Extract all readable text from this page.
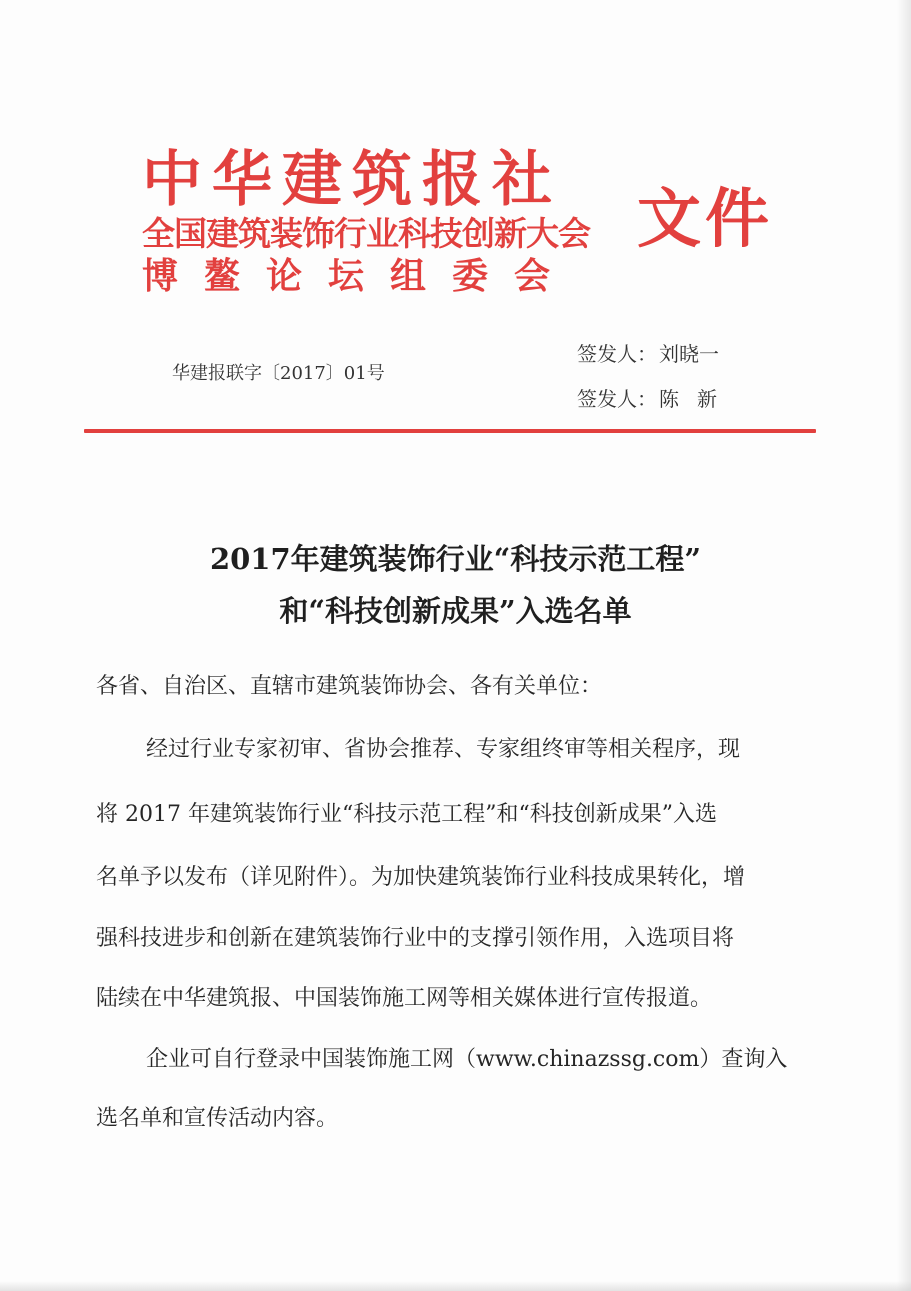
中华建筑报社
全国建筑装饰行业科技创新大会
博鳌论坛组委会
文件
华建报联字〔2017〕01号
签发人： 刘晓一
签发人： 陈新
2017年建筑装饰行业“科技示范工程”
和“科技创新成果”入选名单

各省、自治区、直辖市建筑装饰协会、各有关单位：

经过行业专家初审、省协会推荐、专家组终审等相关程序，现

将 2017 年建筑装饰行业“科技示范工程”和“科技创新成果”入选

名单予以发布（详见附件）。为加快建筑装饰行业科技成果转化，增

强科技进步和创新在建筑装饰行业中的支撑引领作用，入选项目将

陆续在中华建筑报、中国装饰施工网等相关媒体进行宣传报道。

企业可自行登录中国装饰施工网（www.chinazssg.com）查询入

选名单和宣传活动内容。
